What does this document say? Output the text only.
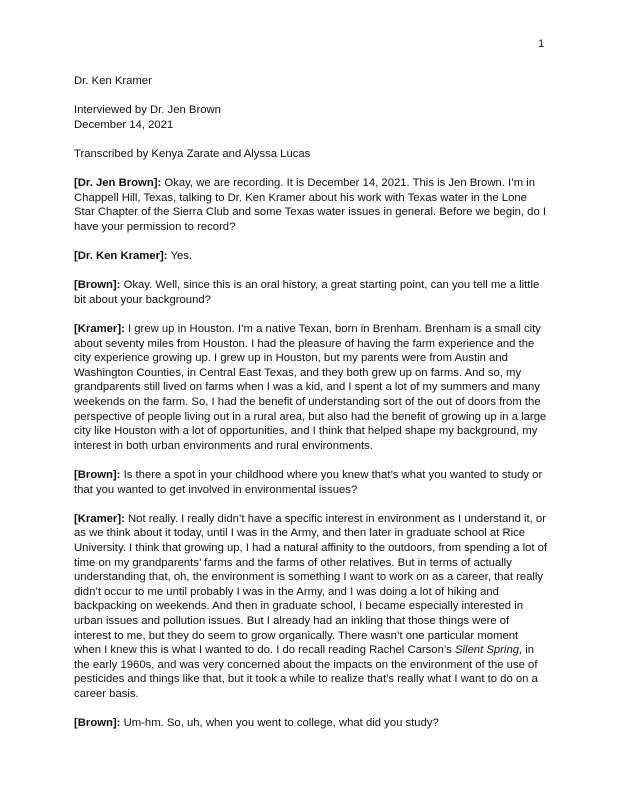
1

Dr. Ken Kramer

Interviewed by Dr. Jen Brown
December 14, 2021

Transcribed by Kenya Zarate and Alyssa Lucas

[Dr. Jen Brown]: Okay, we are recording. It is December 14, 2021. This is Jen Brown. I’m in Chappell Hill, Texas, talking to Dr. Ken Kramer about his work with Texas water in the Lone Star Chapter of the Sierra Club and some Texas water issues in general. Before we begin, do I have your permission to record?

[Dr. Ken Kramer]: Yes.

[Brown]: Okay. Well, since this is an oral history, a great starting point, can you tell me a little bit about your background?

[Kramer]: I grew up in Houston. I’m a native Texan, born in Brenham. Brenham is a small city about seventy miles from Houston. I had the pleasure of having the farm experience and the city experience growing up. I grew up in Houston, but my parents were from Austin and Washington Counties, in Central East Texas, and they both grew up on farms. And so, my grandparents still lived on farms when I was a kid, and I spent a lot of my summers and many weekends on the farm. So, I had the benefit of understanding sort of the out of doors from the perspective of people living out in a rural area, but also had the benefit of growing up in a large city like Houston with a lot of opportunities, and I think that helped shape my background, my interest in both urban environments and rural environments.

[Brown]: Is there a spot in your childhood where you knew that’s what you wanted to study or that you wanted to get involved in environmental issues?

[Kramer]: Not really. I really didn’t have a specific interest in environment as I understand it, or as we think about it today, until I was in the Army, and then later in graduate school at Rice University. I think that growing up, I had a natural affinity to the outdoors, from spending a lot of time on my grandparents’ farms and the farms of other relatives. But in terms of actually understanding that, oh, the environment is something I want to work on as a career, that really didn’t occur to me until probably I was in the Army, and I was doing a lot of hiking and backpacking on weekends. And then in graduate school, I became especially interested in urban issues and pollution issues. But I already had an inkling that those things were of interest to me, but they do seem to grow organically. There wasn’t one particular moment when I knew this is what I wanted to do. I do recall reading Rachel Carson’s Silent Spring, in the early 1960s, and was very concerned about the impacts on the environment of the use of pesticides and things like that, but it took a while to realize that’s really what I want to do on a career basis.

[Brown]: Um-hm. So, uh, when you went to college, what did you study?
